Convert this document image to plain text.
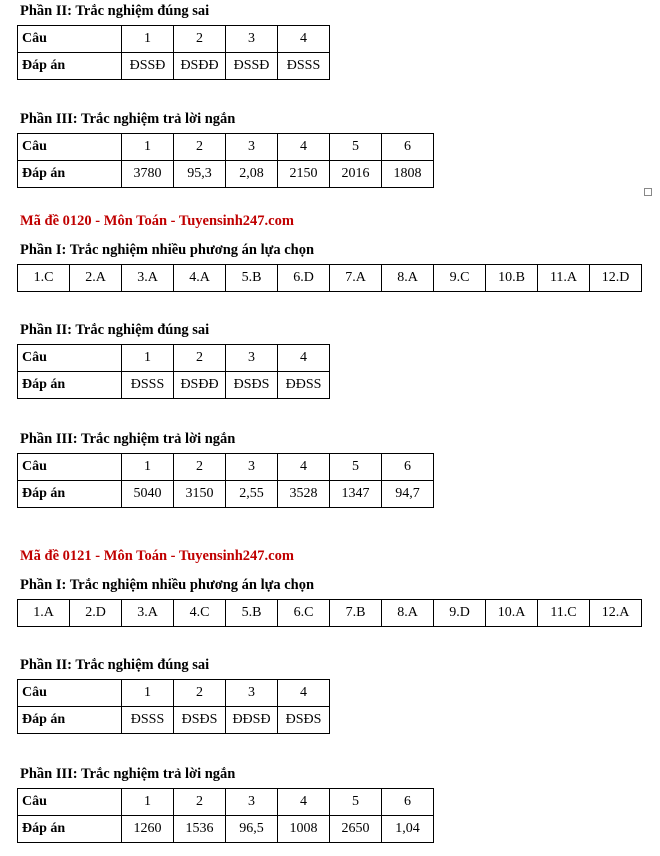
Phần II: Trắc nghiệm đúng sai
Câu	1	2	3	4
Đáp án	ĐSSĐ	ĐSĐĐ	ĐSSĐ	ĐSSS
Phần III: Trắc nghiệm trả lời ngắn
Câu	1	2	3	4	5	6
Đáp án	3780	95,3	2,08	2150	2016	1808
Mã đề 0120 - Môn Toán - Tuyensinh247.com
Phần I: Trắc nghiệm nhiều phương án lựa chọn
1.C	2.A	3.A	4.A	5.B	6.D	7.A	8.A	9.C	10.B	11.A	12.D
Phần II: Trắc nghiệm đúng sai
Câu	1	2	3	4
Đáp án	ĐSSS	ĐSĐĐ	ĐSĐS	ĐĐSS
Phần III: Trắc nghiệm trả lời ngắn
Câu	1	2	3	4	5	6
Đáp án	5040	3150	2,55	3528	1347	94,7
Mã đề 0121 - Môn Toán - Tuyensinh247.com
Phần I: Trắc nghiệm nhiều phương án lựa chọn
1.A	2.D	3.A	4.C	5.B	6.C	7.B	8.A	9.D	10.A	11.C	12.A
Phần II: Trắc nghiệm đúng sai
Câu	1	2	3	4
Đáp án	ĐSSS	ĐSĐS	ĐĐSĐ	ĐSĐS
Phần III: Trắc nghiệm trả lời ngắn
Câu	1	2	3	4	5	6
Đáp án	1260	1536	96,5	1008	2650	1,04
